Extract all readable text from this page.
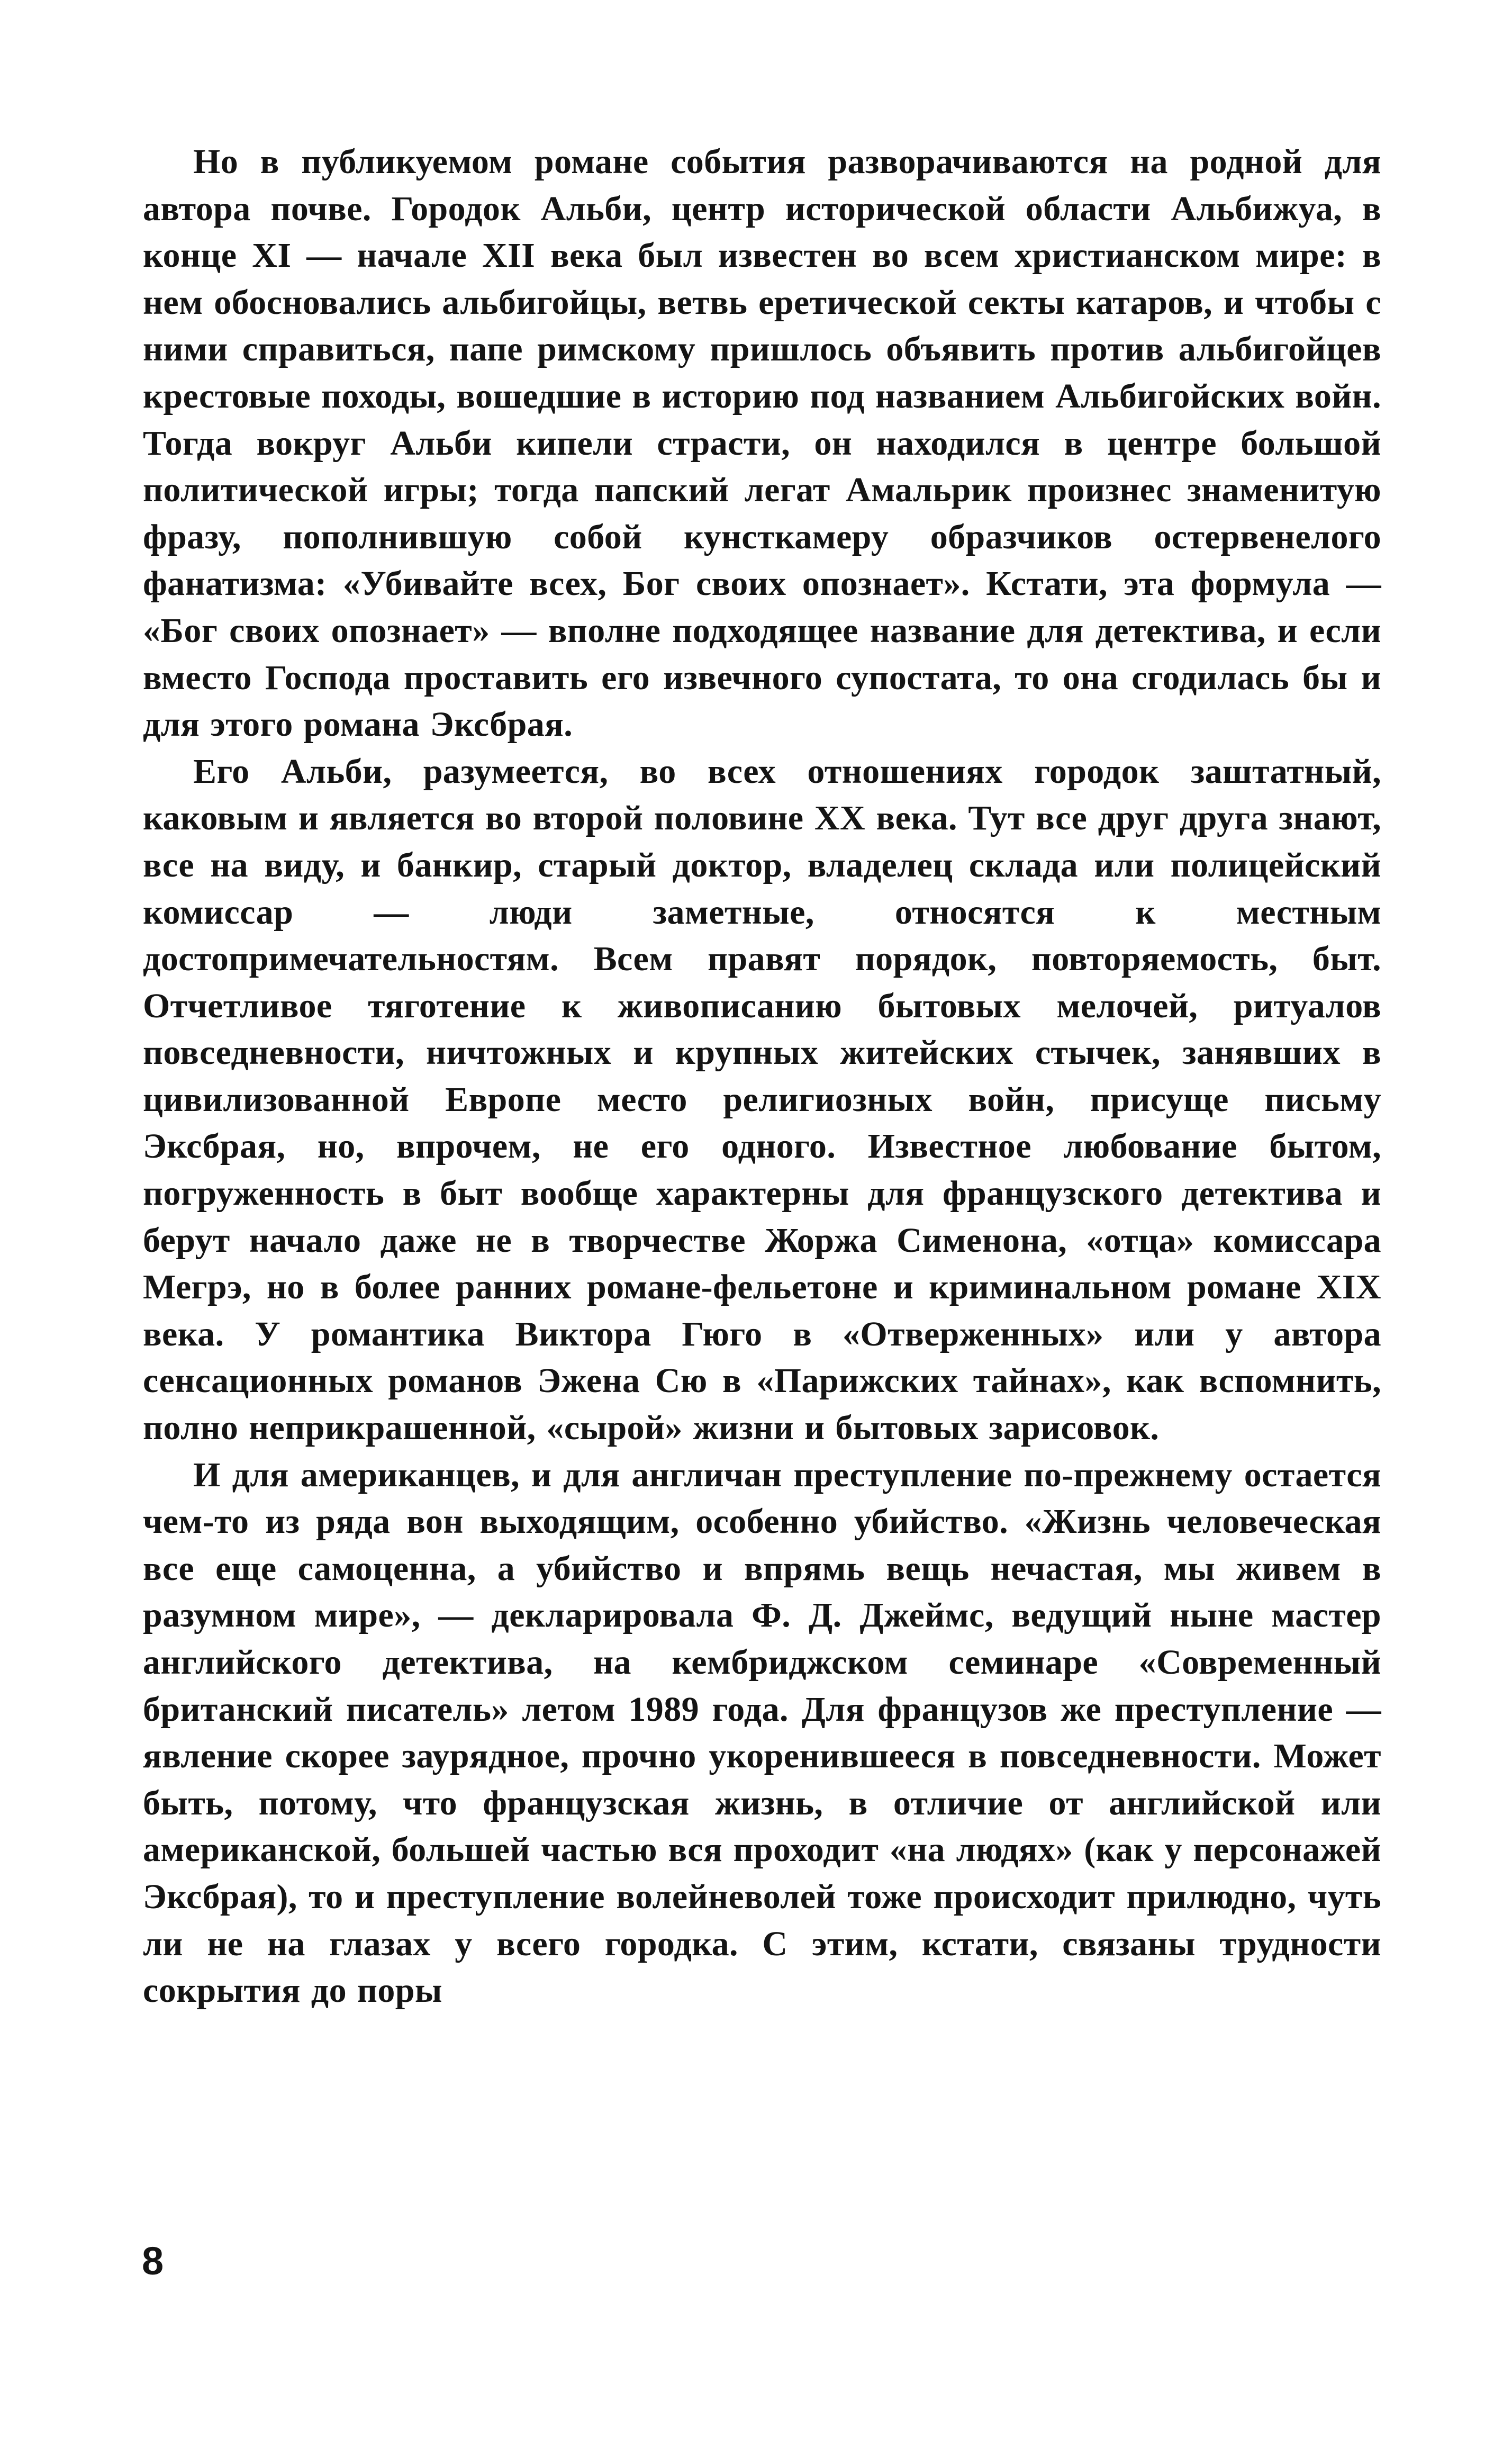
Но в публикуемом романе события разворачиваются на родной для автора почве. Городок Альби, центр исторической области Альбижуа, в конце XI — начале XII века был известен во всем христианском мире: в нем обосновались альбигойцы, ветвь еретической секты катаров, и чтобы с ними справиться, папе римскому пришлось объявить против альбигойцев крестовые походы, вошедшие в историю под названием Альбигойских войн. Тогда вокруг Альби кипели страсти, он находился в центре большой политической игры; тогда папский легат Амальрик произнес знаменитую фразу, пополнившую собой кунсткамеру образчиков остервенелого фанатизма: «Убивайте всех, Бог своих опознает». Кстати, эта формула — «Бог своих опознает» — вполне подходящее название для детектива, и если вместо Господа проставить его извечного супостата, то она сгодилась бы и для этого романа Эксбрая.

Его Альби, разумеется, во всех отношениях городок заштатный, каковым и является во второй половине XX века. Тут все друг друга знают, все на виду, и банкир, старый доктор, владелец склада или полицейский комиссар — люди заметные, относятся к местным достопримечательностям. Всем правят порядок, повторяемость, быт. Отчетливое тяготение к живописанию бытовых мелочей, ритуалов повседневности, ничтожных и крупных житейских стычек, занявших в цивилизованной Европе место религиозных войн, присуще письму Эксбрая, но, впрочем, не его одного. Известное любование бытом, погруженность в быт вообще характерны для французского детектива и берут начало даже не в творчестве Жоржа Сименона, «отца» комиссара Мегрэ, но в более ранних романе-фельетоне и криминальном романе XIX века. У романтика Виктора Гюго в «Отверженных» или у автора сенсационных романов Эжена Сю в «Парижских тайнах», как вспомнить, полно неприкрашенной, «сырой» жизни и бытовых зарисовок.

И для американцев, и для англичан преступление по-прежнему остается чем-то из ряда вон выходящим, особенно убийство. «Жизнь человеческая все еще самоценна, а убийство и впрямь вещь нечастая, мы живем в разумном мире», — декларировала Ф. Д. Джеймс, ведущий ныне мастер английского детектива, на кембриджском семинаре «Современный британский писатель» летом 1989 года. Для французов же преступление — явление скорее заурядное, прочно укоренившееся в повседневности. Может быть, потому, что французская жизнь, в отличие от английской или американской, большей частью вся проходит «на людях» (как у персонажей Эксбрая), то и преступление волейневолей тоже происходит прилюдно, чуть ли не на глазах у всего городка. С этим, кстати, связаны трудности сокрытия до поры

8
